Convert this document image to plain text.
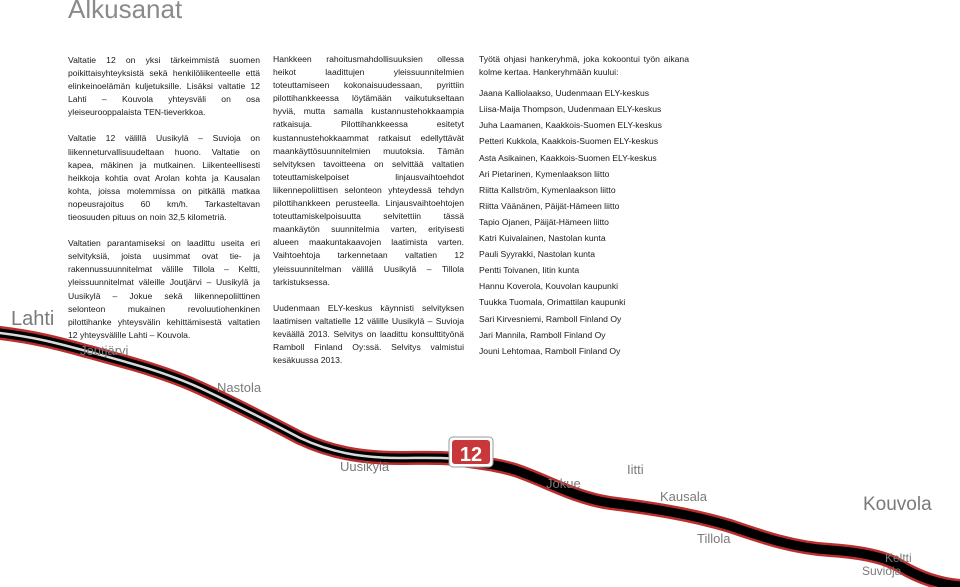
Alkusanat

Valtatie 12 on yksi tärkeimmistä suomen poikittaisyhteyksistä sekä henkilöliikenteelle että elinkeinoelämän kuljetuksille. Lisäksi valtatie 12 Lahti – Kouvola yhteysväli on osa yleiseurooppalaista TEN-tieverkkoa.

Valtatie 12 välillä Uusikylä – Suvioja on liikenneturvallisuudeltaan huono. Valtatie on kapea, mäkinen ja mutkainen. Liikenteellisesti heikkoja kohtia ovat Arolan kohta ja Kausalan kohta, joissa molemmissa on pitkällä matkaa nopeusrajoitus 60 km/h. Tarkasteltavan tieosuuden pituus on noin 32,5 kilometriä.

Valtatien parantamiseksi on laadittu useita eri selvityksiä, joista uusimmat ovat tie- ja rakennussuunnitelmat välille Tillola – Keltti, yleissuunnitelmat väleille Joutjärvi – Uusikylä ja Uusikylä – Jokue sekä liikennepoliittinen selonteon mukainen revoluutiohenkinen pilottihanke yhteysvälin kehittämisestä valtatien 12 yhteysvälille Lahti – Kouvola.

Hankkeen rahoitusmahdollisuuksien ollessa heikot laadittujen yleissuunnitelmien toteuttamiseen kokonaisuudessaan, pyrittiin pilottihankkeessa löytämään vaikutukseltaan hyviä, mutta samalla kustannustehokkaampia ratkaisuja. Pilottihankkeessa esitetyt kustannustehokkaammat ratkaisut edellyttävät maankäyttösuunnitelmien muutoksia. Tämän selvityksen tavoitteena on selvittää valtatien toteuttamiskelpoiset linjausvaihtoehdot liikennepoliittisen selonteon yhteydessä tehdyn pilottihankkeen perusteella. Linjausvaihtoehtojen toteuttamiskelpoisuutta selvitettiin tässä maankäytön suunnitelmia varten, erityisesti alueen maakuntakaavojen laatimista varten. Vaihtoehtoja tarkennetaan valtatien 12 yleissuunnitelman välillä Uusikylä – Tillola tarkistuksessa.

Uudenmaan ELY-keskus käynnisti selvityksen laatimisen valtatielle 12 välille Uusikylä – Suvioja keväällä 2013. Selvitys on laadittu konsulttityönä Ramboll Finland Oy:ssä. Selvitys valmistui kesäkuussa 2013.

Työtä ohjasi hankeryhmä, joka kokoontui työn aikana kolme kertaa. Hankeryhmään kuului:

Jaana Kalliolaakso, Uudenmaan ELY-keskus
Liisa-Maija Thompson, Uudenmaan ELY-keskus
Juha Laamanen, Kaakkois-Suomen ELY-keskus
Petteri Kukkola, Kaakkois-Suomen ELY-keskus
Asta Asikainen, Kaakkois-Suomen ELY-keskus
Ari Pietarinen, Kymenlaakson liitto
Riitta Kallström, Kymenlaakson liitto
Riitta Väänänen, Päijät-Hämeen liitto
Tapio Ojanen, Päijät-Hämeen liitto
Katri Kuivalainen, Nastolan kunta
Pauli Syyrakki, Nastolan kunta
Pentti Toivanen, Iitin kunta
Hannu Koverola, Kouvolan kaupunki
Tuukka Tuomala, Orimattilan kaupunki
Sari Kirvesniemi, Ramboll Finland Oy
Jari Mannila, Ramboll Finland Oy
Jouni Lehtomaa, Ramboll Finland Oy
12
Lahti
Joutjärvi
Nastola
Uusikylä
Jokue
Iitti
Kausala	Kouvola
Tillola
Keltti
Suvioja
